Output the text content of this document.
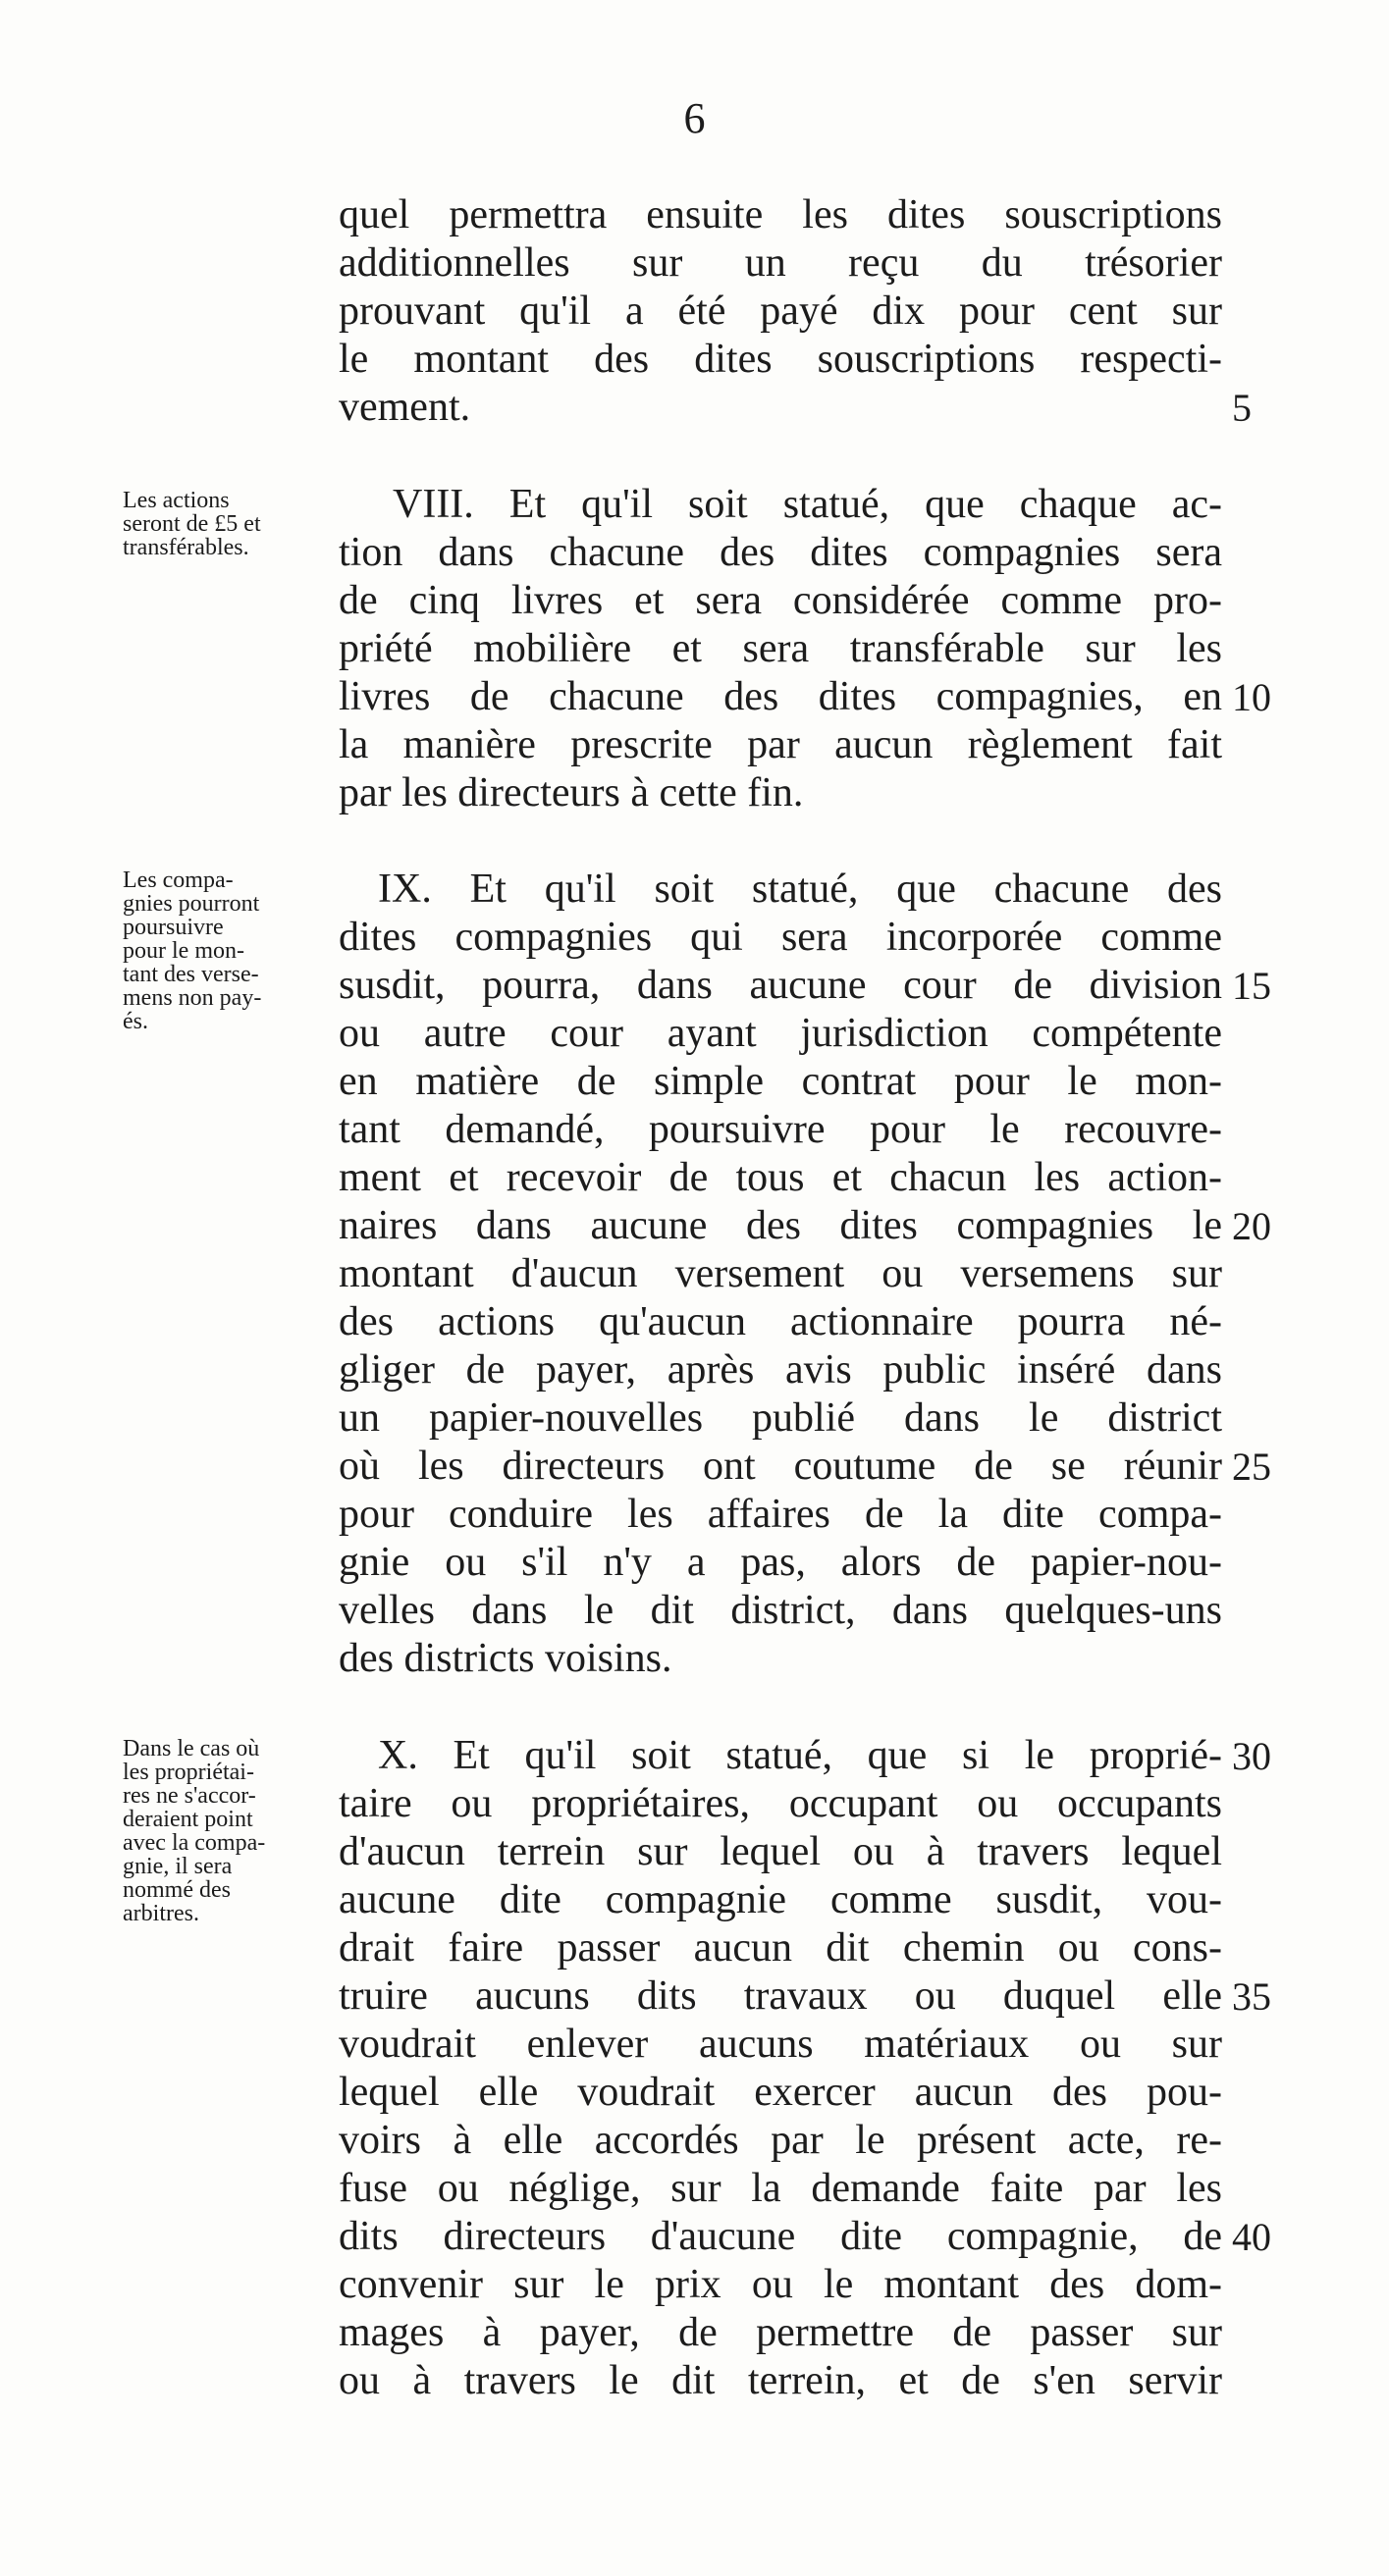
6
quel permettra ensuite les dites souscriptions
additionnelles sur un reçu du trésorier
prouvant qu'il a été payé dix pour cent sur
le montant des dites souscriptions respecti-
vement.
Les actions
seront de £5 et
transférables.
VIII. Et qu'il soit statué, que chaque ac-
tion dans chacune des dites compagnies sera
de cinq livres et sera considérée comme pro-
priété mobilière et sera transférable sur les
livres de chacune des dites compagnies, en
la manière prescrite par aucun règlement fait
par les directeurs à cette fin.
Les compa-
gnies pourront
poursuivre
pour le mon-
tant des verse-
mens non pay-
és.
IX. Et qu'il soit statué, que chacune des
dites compagnies qui sera incorporée comme
susdit, pourra, dans aucune cour de division
ou autre cour ayant jurisdiction compétente
en matière de simple contrat pour le mon-
tant demandé, poursuivre pour le recouvre-
ment et recevoir de tous et chacun les action-
naires dans aucune des dites compagnies le
montant d'aucun versement ou versemens sur
des actions qu'aucun actionnaire pourra né-
gliger de payer, après avis public inséré dans
un papier-nouvelles publié dans le district
où les directeurs ont coutume de se réunir
pour conduire les affaires de la dite compa-
gnie ou s'il n'y a pas, alors de papier-nou-
velles dans le dit district, dans quelques-uns
des districts voisins.
Dans le cas où
les propriétai-
res ne s'accor-
deraient point
avec la compa-
gnie, il sera
nommé des
arbitres.
X. Et qu'il soit statué, que si le proprié-
taire ou propriétaires, occupant ou occupants
d'aucun terrein sur lequel ou à travers lequel
aucune dite compagnie comme susdit, vou-
drait faire passer aucun dit chemin ou cons-
truire aucuns dits travaux ou duquel elle
voudrait enlever aucuns matériaux ou sur
lequel elle voudrait exercer aucun des pou-
voirs à elle accordés par le présent acte, re-
fuse ou néglige, sur la demande faite par les
dits directeurs d'aucune dite compagnie, de
convenir sur le prix ou le montant des dom-
mages à payer, de permettre de passer sur
ou à travers le dit terrein, et de s'en servir
5
10
15
20
25
30
35
40
